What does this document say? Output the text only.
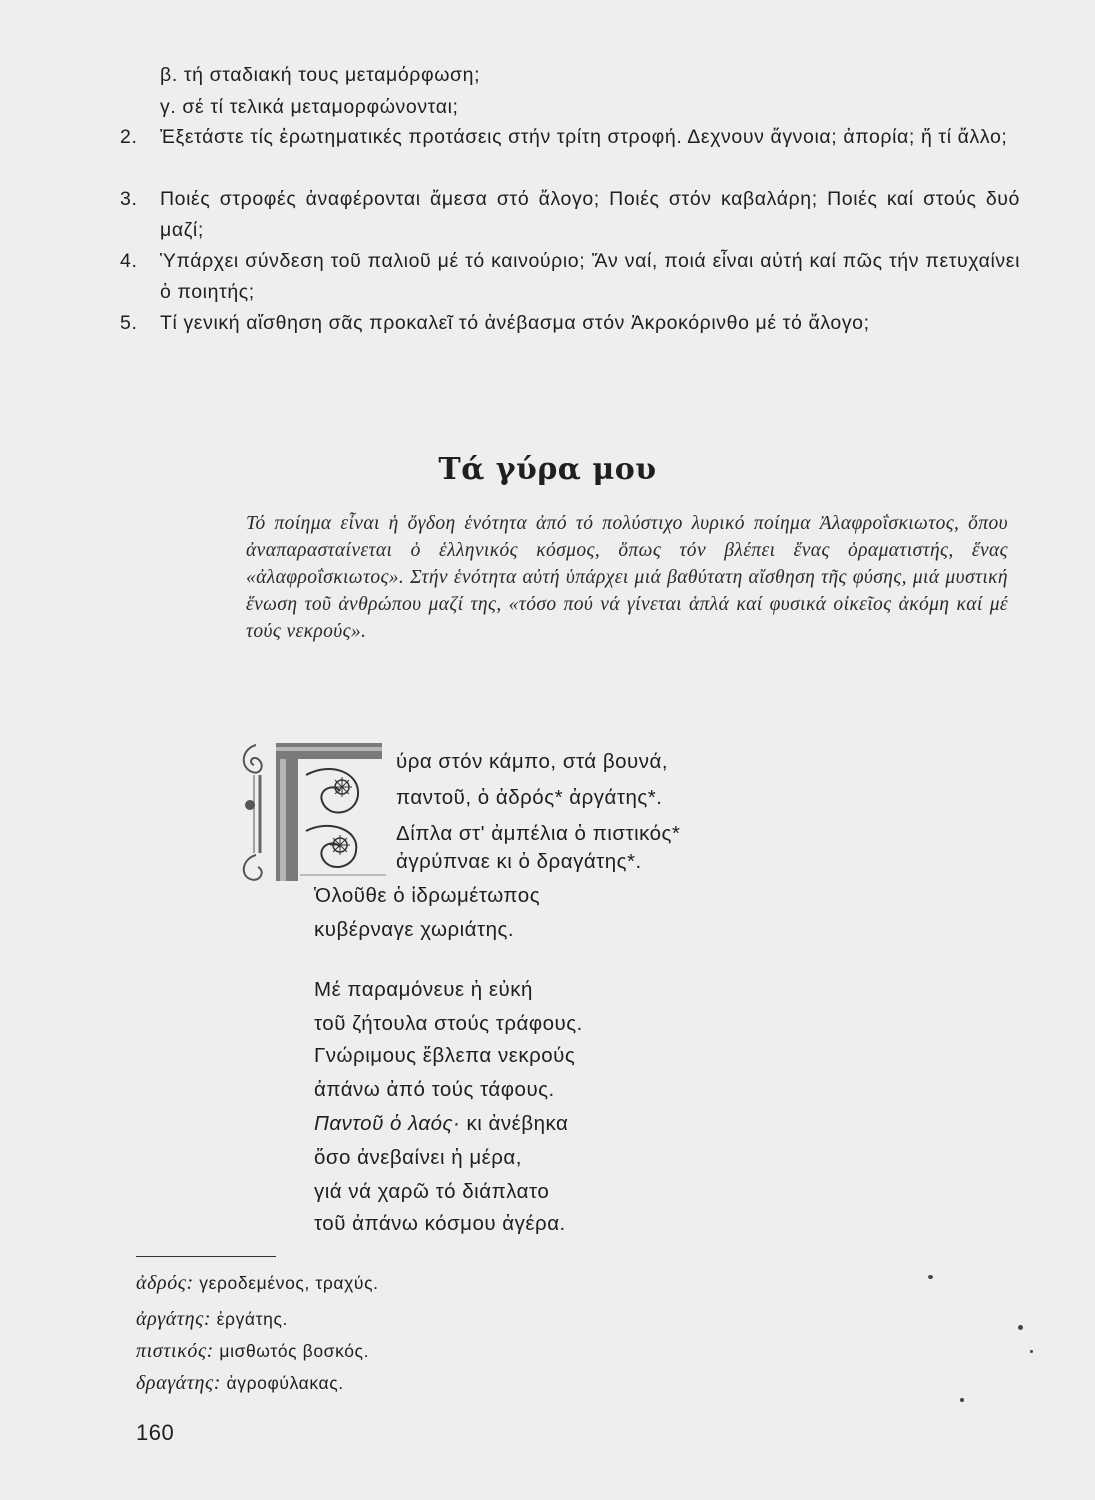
β. τή σταδιακή τους μεταμόρφωση;
γ. σέ τί τελικά μεταμορφώνονται;
2.	Ἐξετάστε τίς ἐρωτηματικές προτάσεις στήν τρίτη στροφή. Δεχνουν ἄγνοια; ἀπορία; ἤ τί ἄλλο;
3.	Ποιές στροφές ἀναφέρονται ἄμεσα στό ἄλογο; Ποιές στόν καβαλάρη; Ποιές καί στούς δυό μαζί;
4.	Ὑπάρχει σύνδεση τοῦ παλιοῦ μέ τό καινούριο; Ἄν ναί, ποιά εἶναι αὐτή καί πῶς τήν πετυχαίνει ὁ ποιητής;
5.	Τί γενική αἴσθηση σᾶς προκαλεῖ τό ἀνέβασμα στόν Ἀκροκόρινθο μέ τό ἄλογο;
Τά γύρα μου
Τό ποίημα εἶναι ἡ ὄγδοη ἑνότητα ἀπό τό πολύστιχο λυρικό ποίημα Ἀλαφροΐσκιωτος, ὅπου ἀναπαρασταίνεται ὁ ἑλληνικός κόσμος, ὅπως τόν βλέπει ἕνας ὁραματιστής, ἕνας «ἀλαφροΐσκιωτος». Στήν ἑνότητα αὐτή ὑπάρχει μιά βαθύτατη αἴσθηση τῆς φύσης, μιά μυστική ἕνωση τοῦ ἀνθρώπου μαζί της, «τόσο πού νά γίνεται ἁπλά καί φυσικά οἰκεῖος ἀκόμη καί μέ τούς νεκρούς».
ύρα στόν κάμπο, στά βουνά,
παντοῦ, ὁ ἀδρός* ἀργάτης*.
Δίπλα στ' ἀμπέλια ὁ πιστικός*
ἀγρύπναε κι ὁ δραγάτης*.
Ὁλοῦθε ὁ ἱδρωμέτωπος
κυβέρναγε χωριάτης.
Μέ παραμόνευε ἡ εὐκή
τοῦ ζήτουλα στούς τράφους.
Γνώριμους ἔβλεπα νεκρούς
ἀπάνω ἀπό τούς τάφους.
Παντοῦ ὁ λαός· κι ἀνέβηκα
ὅσο ἀνεβαίνει ἡ μέρα,
γιά νά χαρῶ τό διάπλατο
τοῦ ἀπάνω κόσμου ἀγέρα.
ἀδρός: γεροδεμένος, τραχύς.
ἀργάτης: ἐργάτης.
πιστικός: μισθωτός βοσκός.
δραγάτης: ἀγροφύλακας.
160
